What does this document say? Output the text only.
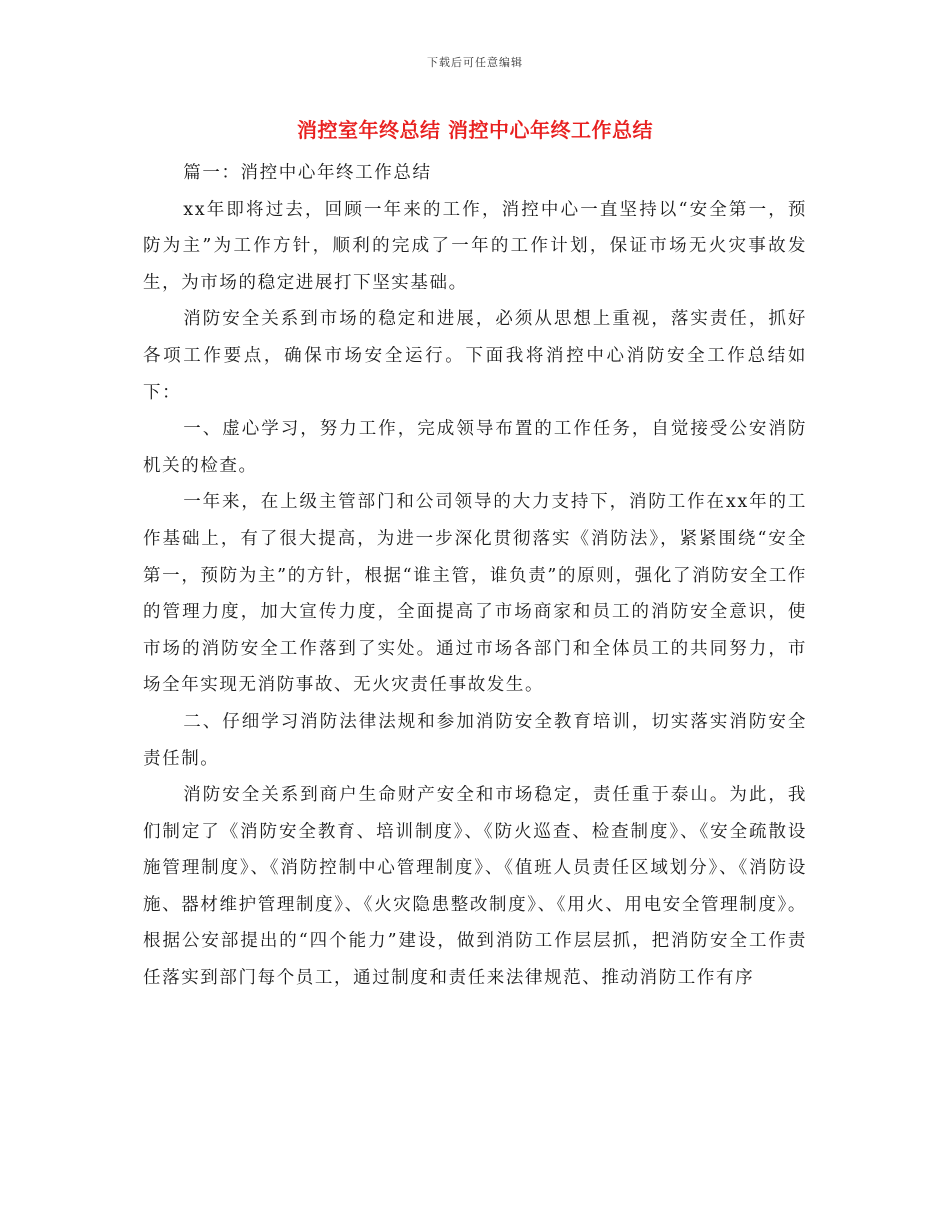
下载后可任意编辑
消控室年终总结 消控中心年终工作总结

篇一：消控中心年终工作总结

xx年即将过去，回顾一年来的工作，消控中心一直坚持以“安全第一，预防为主”为工作方针，顺利的完成了一年的工作计划，保证市场无火灾事故发生，为市场的稳定进展打下坚实基础。

消防安全关系到市场的稳定和进展，必须从思想上重视，落实责任，抓好各项工作要点，确保市场安全运行。下面我将消控中心消防安全工作总结如下：

一、虚心学习，努力工作，完成领导布置的工作任务，自觉接受公安消防机关的检查。

一年来，在上级主管部门和公司领导的大力支持下，消防工作在xx年的工作基础上，有了很大提高，为进一步深化贯彻落实《消防法》，紧紧围绕“安全第一，预防为主”的方针，根据“谁主管，谁负责”的原则，强化了消防安全工作的管理力度，加大宣传力度，全面提高了市场商家和员工的消防安全意识，使市场的消防安全工作落到了实处。通过市场各部门和全体员工的共同努力，市场全年实现无消防事故、无火灾责任事故发生。

二、仔细学习消防法律法规和参加消防安全教育培训，切实落实消防安全责任制。

消防安全关系到商户生命财产安全和市场稳定，责任重于泰山。为此，我们制定了《消防安全教育、培训制度》、《防火巡查、检查制度》、《安全疏散设施管理制度》、《消防控制中心管理制度》、《值班人员责任区域划分》、《消防设施、器材维护管理制度》、《火灾隐患整改制度》、《用火、用电安全管理制度》。根据公安部提出的“四个能力”建设，做到消防工作层层抓，把消防安全工作责任落实到部门每个员工，通过制度和责任来法律规范、推动消防工作有序
